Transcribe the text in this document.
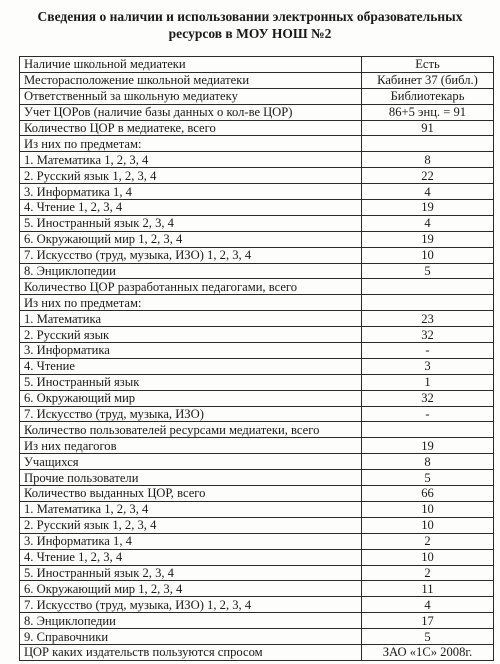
Сведения о наличии и использовании электронных образовательных
ресурсов в МОУ НОШ №2
Наличие школьной медиатеки	Есть
Месторасположение школьной медиатеки	Кабинет 37 (библ.)
Ответственный за школьную медиатеку	Библиотекарь
Учет ЦОРов (наличие базы данных о кол-ве ЦОР)	86+5 энц. = 91
Количество ЦОР в медиатеке, всего	91
Из них по предметам:	
1. Математика 1, 2, 3, 4	8
2. Русский язык 1, 2, 3, 4	22
3. Информатика 1, 4	4
4. Чтение 1, 2, 3, 4	19
5. Иностранный язык 2, 3, 4	4
6. Окружающий мир 1, 2, 3, 4	19
7. Искусство (труд, музыка, ИЗО) 1, 2, 3, 4	10
8. Энциклопедии	5
Количество ЦОР разработанных педагогами, всего	
Из них по предметам:	
1. Математика	23
2. Русский язык	32
3. Информатика	-
4. Чтение	3
5. Иностранный язык	1
6. Окружающий мир	32
7. Искусство (труд, музыка, ИЗО)	-
Количество пользователей ресурсами медиатеки, всего	
Из них педагогов	19
Учащихся	8
Прочие пользователи	5
Количество выданных ЦОР, всего	66
1. Математика 1, 2, 3, 4	10
2. Русский язык 1, 2, 3, 4	10
3. Информатика 1, 4	2
4. Чтение 1, 2, 3, 4	10
5. Иностранный язык 2, 3, 4	2
6. Окружающий мир 1, 2, 3, 4	11
7. Искусство (труд, музыка, ИЗО) 1, 2, 3, 4	4
8. Энциклопедии	17
9. Справочники	5
ЦОР каких издательств пользуются спросом	ЗАО «1С» 2008г.
